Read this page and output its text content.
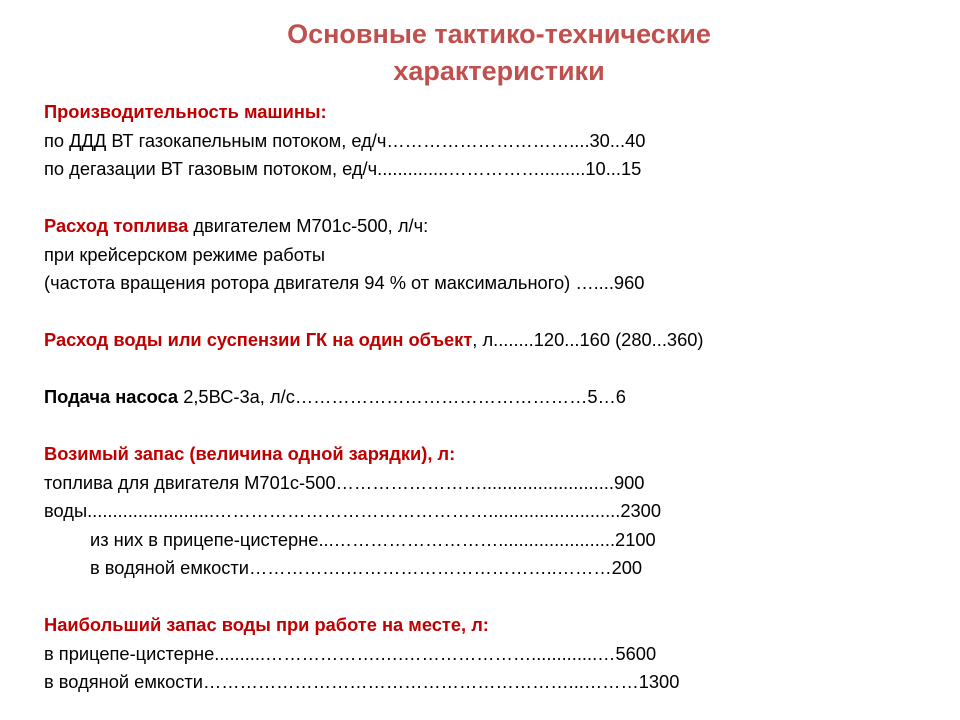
Основные тактико-технические
характеристики
Производительность машины:
по ДДД ВТ газокапельным потоком, ед/ч…………………………....30...40
по дегазации ВТ газовым потоком, ед/ч..............…………….........10...15
Расход топлива двигателем М701с-500, л/ч:
при крейсерском режиме работы
(частота вращения ротора двигателя 94 % от максимального) …....960
Расход воды или суспензии ГК на один объект, л........120...160 (280...360)
Подача насоса 2,5ВС-3а, л/с…………………………………………5…6
Возимый запас (величина одной зарядки), л:
топлива для двигателя М701с-500……………………..........................900
воды.........................………………………………………..........................2300
из них в прицепе-цистерне...……………………….......................2100
в водяной емкости…………….……………………………..………200
Наибольший запас воды при работе на месте, л:
в прицепе-цистерне..........……………….….………………….............…5600
в водяной емкости……………………………………………………...………1300
